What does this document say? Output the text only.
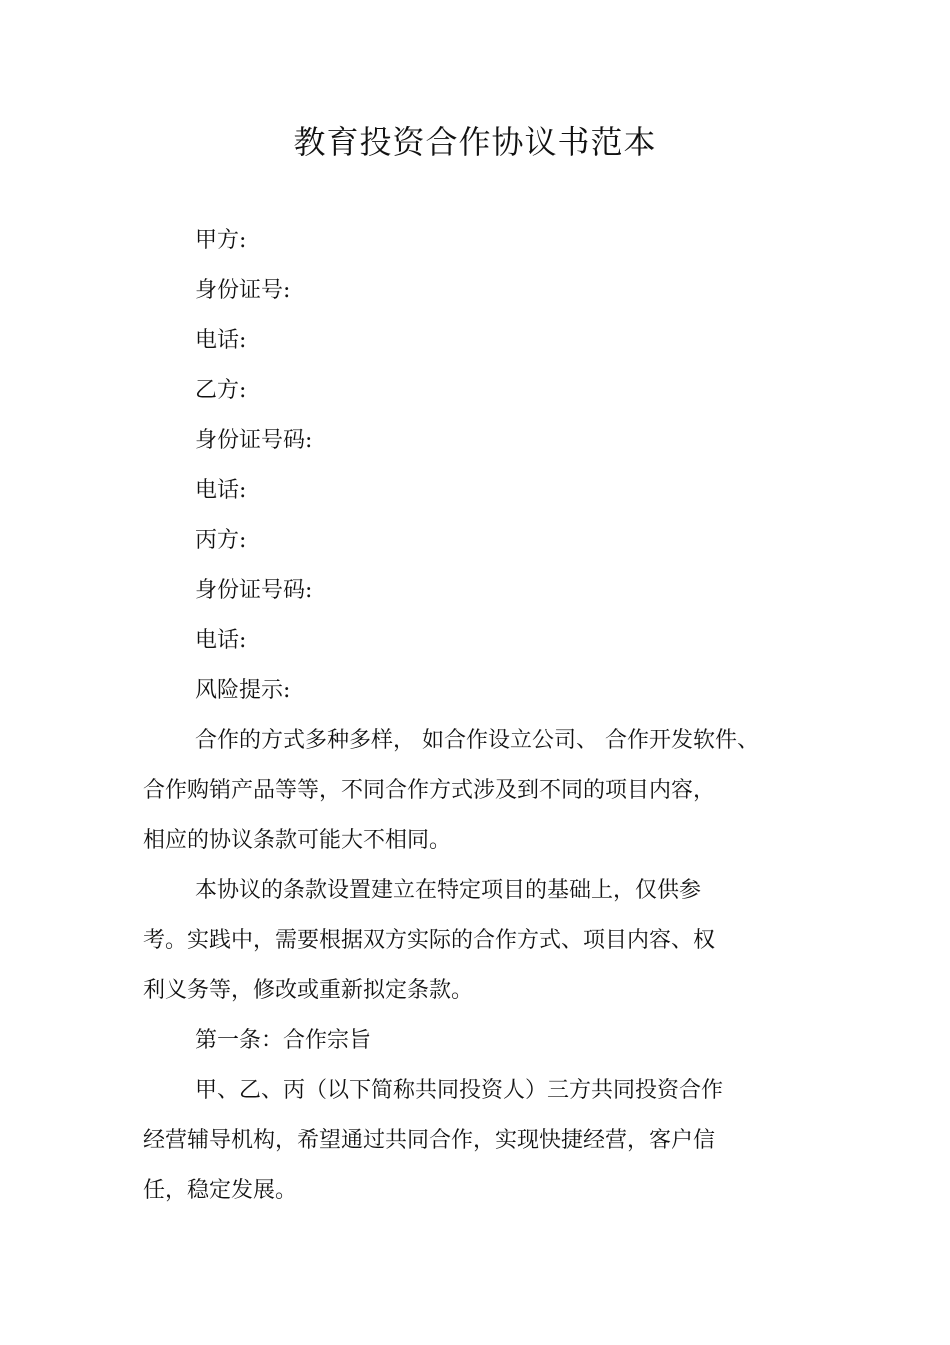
教育投资合作协议书范本
甲方:
身份证号:
电话:
乙方:
身份证号码:
电话:
丙方:
身份证号码:
电话:
风险提示:
合作的方式多种多样， 如合作设立公司、 合作开发软件、
合作购销产品等等，不同合作方式涉及到不同的项目内容，
相应的协议条款可能大不相同。
本协议的条款设置建立在特定项目的基础上，仅供参
考。实践中，需要根据双方实际的合作方式、项目内容、权
利义务等，修改或重新拟定条款。
第一条：合作宗旨
甲、乙、丙（以下简称共同投资人）三方共同投资合作
经营辅导机构，希望通过共同合作，实现快捷经营，客户信
任，稳定发展。
